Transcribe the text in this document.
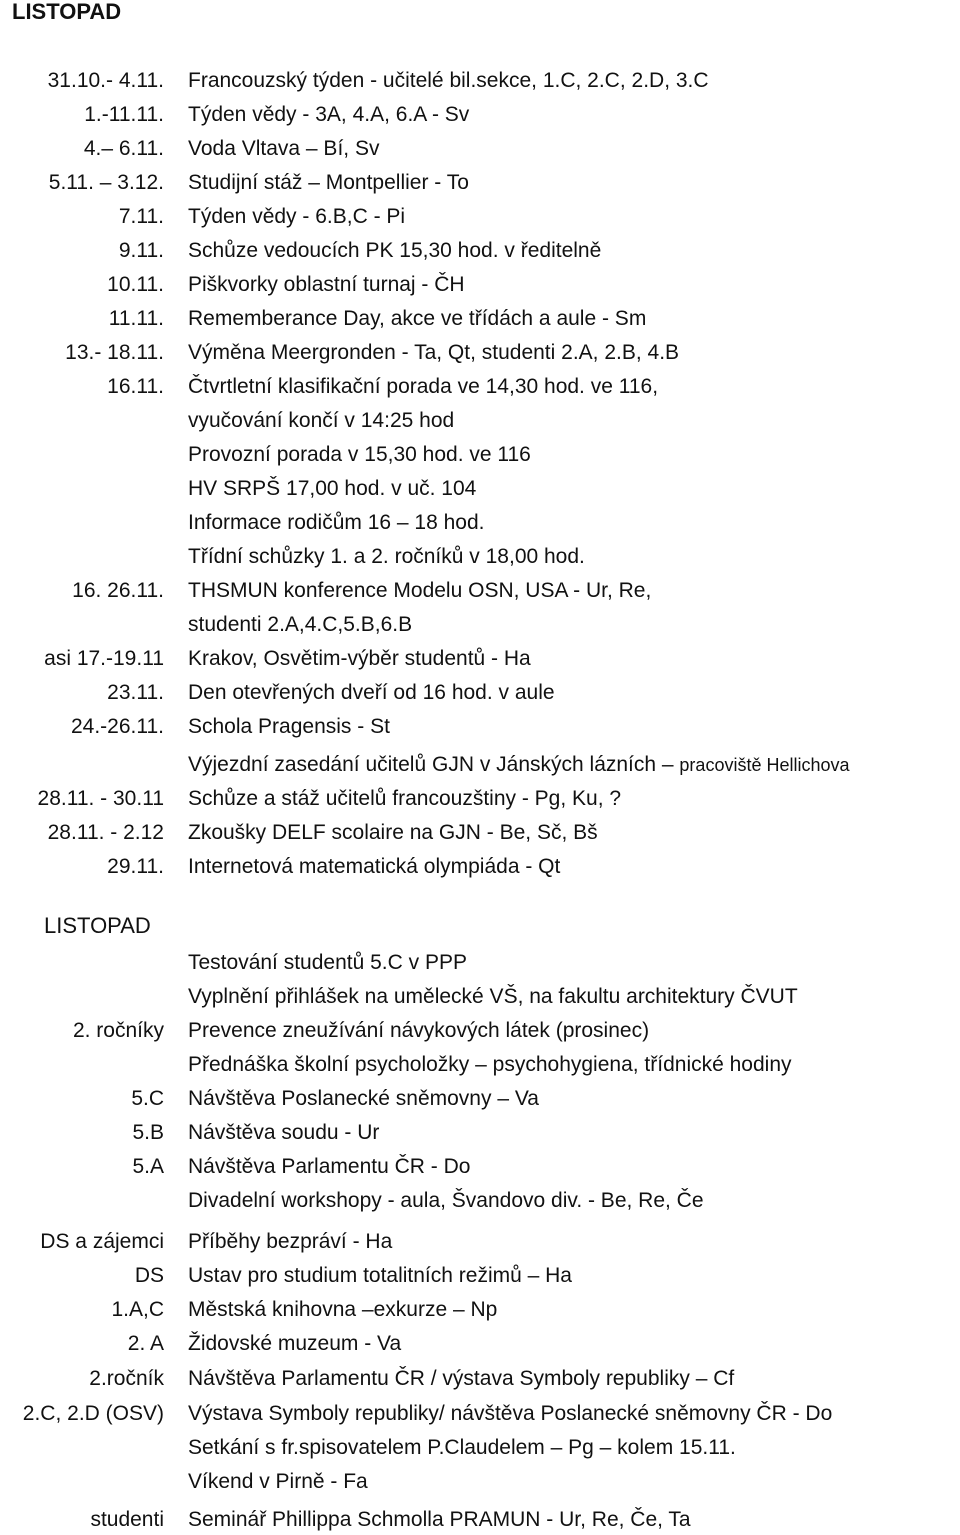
LISTOPAD
31.10.- 4.11. Francouzský týden - učitelé bil.sekce, 1.C, 2.C, 2.D, 3.C
1.-11.11. Týden vědy - 3A, 4.A, 6.A - Sv
4.– 6.11. Voda Vltava – Bí, Sv
5.11. – 3.12. Studijní stáž – Montpellier - To
7.11. Týden vědy - 6.B,C - Pi
9.11. Schůze vedoucích PK 15,30 hod. v ředitelně
10.11. Piškvorky oblastní turnaj - ČH
11.11. Rememberance Day, akce ve třídách a aule - Sm
13.- 18.11. Výměna Meergronden - Ta, Qt, studenti 2.A, 2.B, 4.B
16.11. Čtvrtletní klasifikační porada ve 14,30 hod. ve 116,
vyučování končí v 14:25 hod
Provozní porada v 15,30 hod. ve 116
HV SRPŠ 17,00 hod. v uč. 104
Informace rodičům 16 – 18 hod.
Třídní schůzky 1. a 2. ročníků v 18,00 hod.
16. 26.11. THSMUN konference Modelu OSN, USA - Ur, Re,
studenti 2.A,4.C,5.B,6.B
asi 17.-19.11 Krakov, Osvětim-výběr studentů - Ha
23.11. Den otevřených dveří od 16 hod. v aule
24.-26.11. Schola Pragensis - St
Výjezdní zasedání učitelů GJN v Jánských lázních – pracoviště Hellichova
28.11. - 30.11 Schůze a stáž učitelů francouzštiny - Pg, Ku, ?
28.11. - 2.12 Zkoušky DELF scolaire na GJN - Be, Sč, Bš
29.11. Internetová matematická olympiáda - Qt
LISTOPAD
Testování studentů 5.C v PPP
Vyplnění přihlášek na umělecké VŠ, na fakultu architektury ČVUT
2. ročníky Prevence zneužívání návykových látek (prosinec)
Přednáška školní psycholožky – psychohygiena, třídnické hodiny
5.C Návštěva Poslanecké sněmovny – Va
5.B Návštěva soudu - Ur
5.A Návštěva Parlamentu ČR - Do
Divadelní workshopy - aula, Švandovo div. - Be, Re, Če
DS a zájemci Příběhy bezpráví - Ha
DS Ustav pro studium totalitních režimů – Ha
1.A,C Městská knihovna –exkurze – Np
2. A Židovské muzeum - Va
2.ročník Návštěva Parlamentu ČR / výstava Symboly republiky – Cf
2.C, 2.D (OSV) Výstava Symboly republiky/ návštěva Poslanecké sněmovny ČR - Do
Setkání s fr.spisovatelem P.Claudelem – Pg – kolem 15.11.
Víkend v Pirně - Fa
studenti Seminář Phillippa Schmolla PRAMUN - Ur, Re, Če, Ta
